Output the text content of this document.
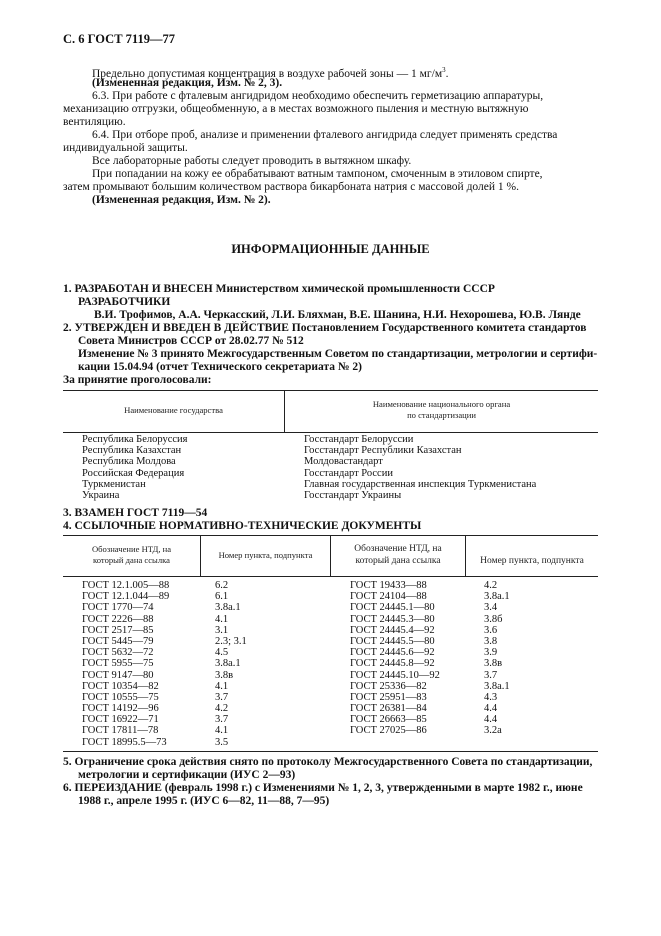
С. 6 ГОСТ 7119—77
Предельно допустимая концентрация в воздухе рабочей зоны — 1 $мг/м^3$.
(Измененная редакция, Изм. № 2, 3).
6.3. При работе с фталевым ангидридом необходимо обеспечить герметизацию аппаратуры,
механизацию отгрузки, общеобменную, а в местах возможного пыления и местную вытяжную
вентиляцию.
6.4. При отборе проб, анализе и применении фталевого ангидрида следует применять средства
индивидуальной защиты.
Все лабораторные работы следует проводить в вытяжном шкафу.
При попадании на кожу ее обрабатывают ватным тампоном, смоченным в этиловом спирте,
затем промывают большим количеством раствора бикарбоната натрия с массовой долей 1 %.
(Измененная редакция, Изм. № 2).
ИНФОРМАЦИОННЫЕ ДАННЫЕ
1. РАЗРАБОТАН И ВНЕСЕН Министерством химической промышленности СССР
РАЗРАБОТЧИКИ
В.И. Трофимов, А.А. Черкасский, Л.И. Бляхман, В.Е. Шанина, Н.И. Нехорошева, Ю.В. Лянде
2. УТВЕРЖДЕН И ВВЕДЕН В ДЕЙСТВИЕ Постановлением Государственного комитета стандартов
Совета Министров СССР от 28.02.77 № 512
Изменение № 3 принято Межгосударственным Советом по стандартизации, метрологии и сертифи-
кации 15.04.94 (отчет Технического секретариата № 2)
За принятие проголосовали:
Наименование государства
Наименование национального органа
по стандартизации
Республика Белоруссия
Республика Казахстан
Республика Молдова
Российская Федерация
Туркменистан
Украина
Госстандарт Белоруссии
Госстандарт Республики Казахстан
Молдовастандарт
Госстандарт России
Главная государственная инспекция Туркменистана
Госстандарт Украины
3. ВЗАМЕН ГОСТ 7119—54
4. ССЫЛОЧНЫЕ НОРМАТИВНО-ТЕХНИЧЕСКИЕ ДОКУМЕНТЫ
Обозначение НТД, на
который дана ссылка	Номер пункта, подпункта
Обозначение НТД, на
который дана ссылка	Номер пункта, подпункта
ГОСТ 12.1.005—88
ГОСТ 12.1.044—89
ГОСТ 1770—74
ГОСТ 2226—88
ГОСТ 2517—85
ГОСТ 5445—79
ГОСТ 5632—72
ГОСТ 5955—75
ГОСТ 9147—80
ГОСТ 10354—82
ГОСТ 10555—75
ГОСТ 14192—96
ГОСТ 16922—71
ГОСТ 17811—78
ГОСТ 18995.5—73
6.2
6.1
3.8а.1
4.1
3.1
2.3; 3.1
4.5
3.8а.1
3.8в
4.1
3.7
4.2
3.7
4.1
3.5
ГОСТ 19433—88
ГОСТ 24104—88
ГОСТ 24445.1—80
ГОСТ 24445.3—80
ГОСТ 24445.4—92
ГОСТ 24445.5—80
ГОСТ 24445.6—92
ГОСТ 24445.8—92
ГОСТ 24445.10—92
ГОСТ 25336—82
ГОСТ 25951—83
ГОСТ 26381—84
ГОСТ 26663—85
ГОСТ 27025—86
4.2
3.8а.1
3.4
3.8б
3.6
3.8
3.9
3.8в
3.7
3.8а.1
4.3
4.4
4.4
3.2а
5. Ограничение срока действия снято по протоколу Межгосударственного Совета по стандартизации,
метрологии и сертификации (ИУС 2—93)
6. ПЕРЕИЗДАНИЕ (февраль 1998 г.) с Изменениями № 1, 2, 3, утвержденными в марте 1982 г., июне
1988 г., апреле 1995 г. (ИУС 6—82, 11—88, 7—95)
